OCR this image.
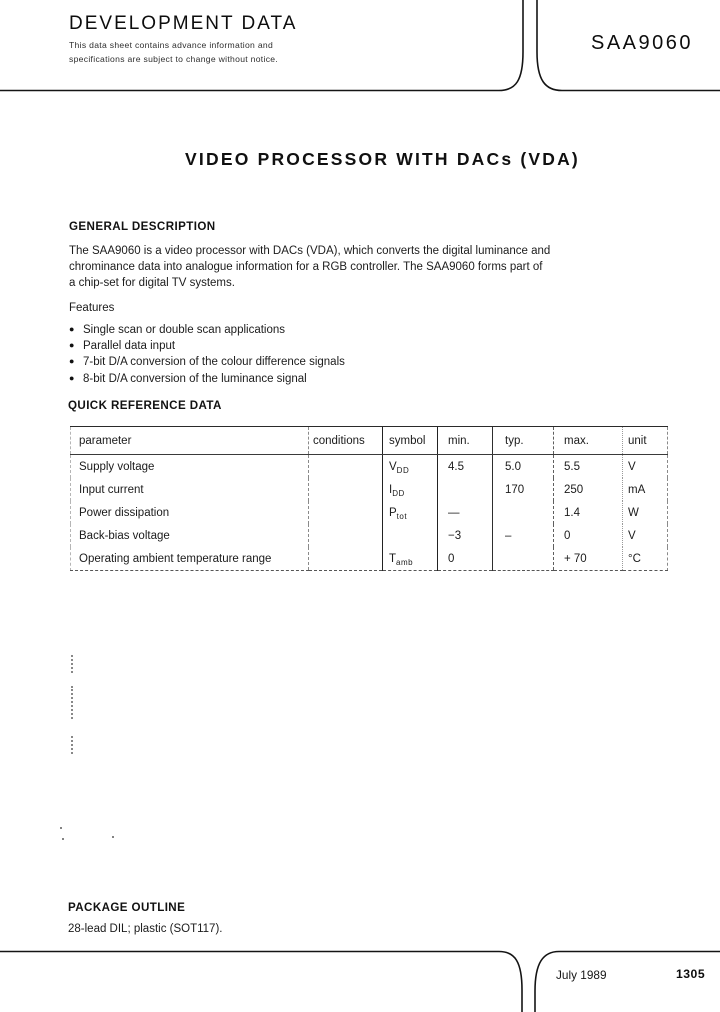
DEVELOPMENT DATA
This data sheet contains advance information and
specifications are subject to change without notice.
SAA9060
VIDEO PROCESSOR WITH DACs (VDA)
GENERAL DESCRIPTION
The SAA9060 is a video processor with DACs (VDA), which converts the digital luminance and
chrominance data into analogue information for a RGB controller. The SAA9060 forms part of
a chip-set for digital TV systems.
Features
●
Single scan or double scan applications
●
Parallel data input
●
7-bit D/A conversion of the colour difference signals
●
8-bit D/A conversion of the luminance signal
QUICK REFERENCE DATA
parameter	conditions	symbol	min.	typ.	max.	unit
Supply voltage		$V_{DD}$	4.5	5.0	5.5	V
Input current		$I_{DD}$		170	250	mA
Power dissipation		$P_{tot}$	—		1.4	W
Back-bias voltage			−3	–	0	V
Operating ambient temperature range		$T_{amb}$	0		+ 70	°C
PACKAGE OUTLINE
28-lead DIL; plastic (SOT117).
July 1989	1305
